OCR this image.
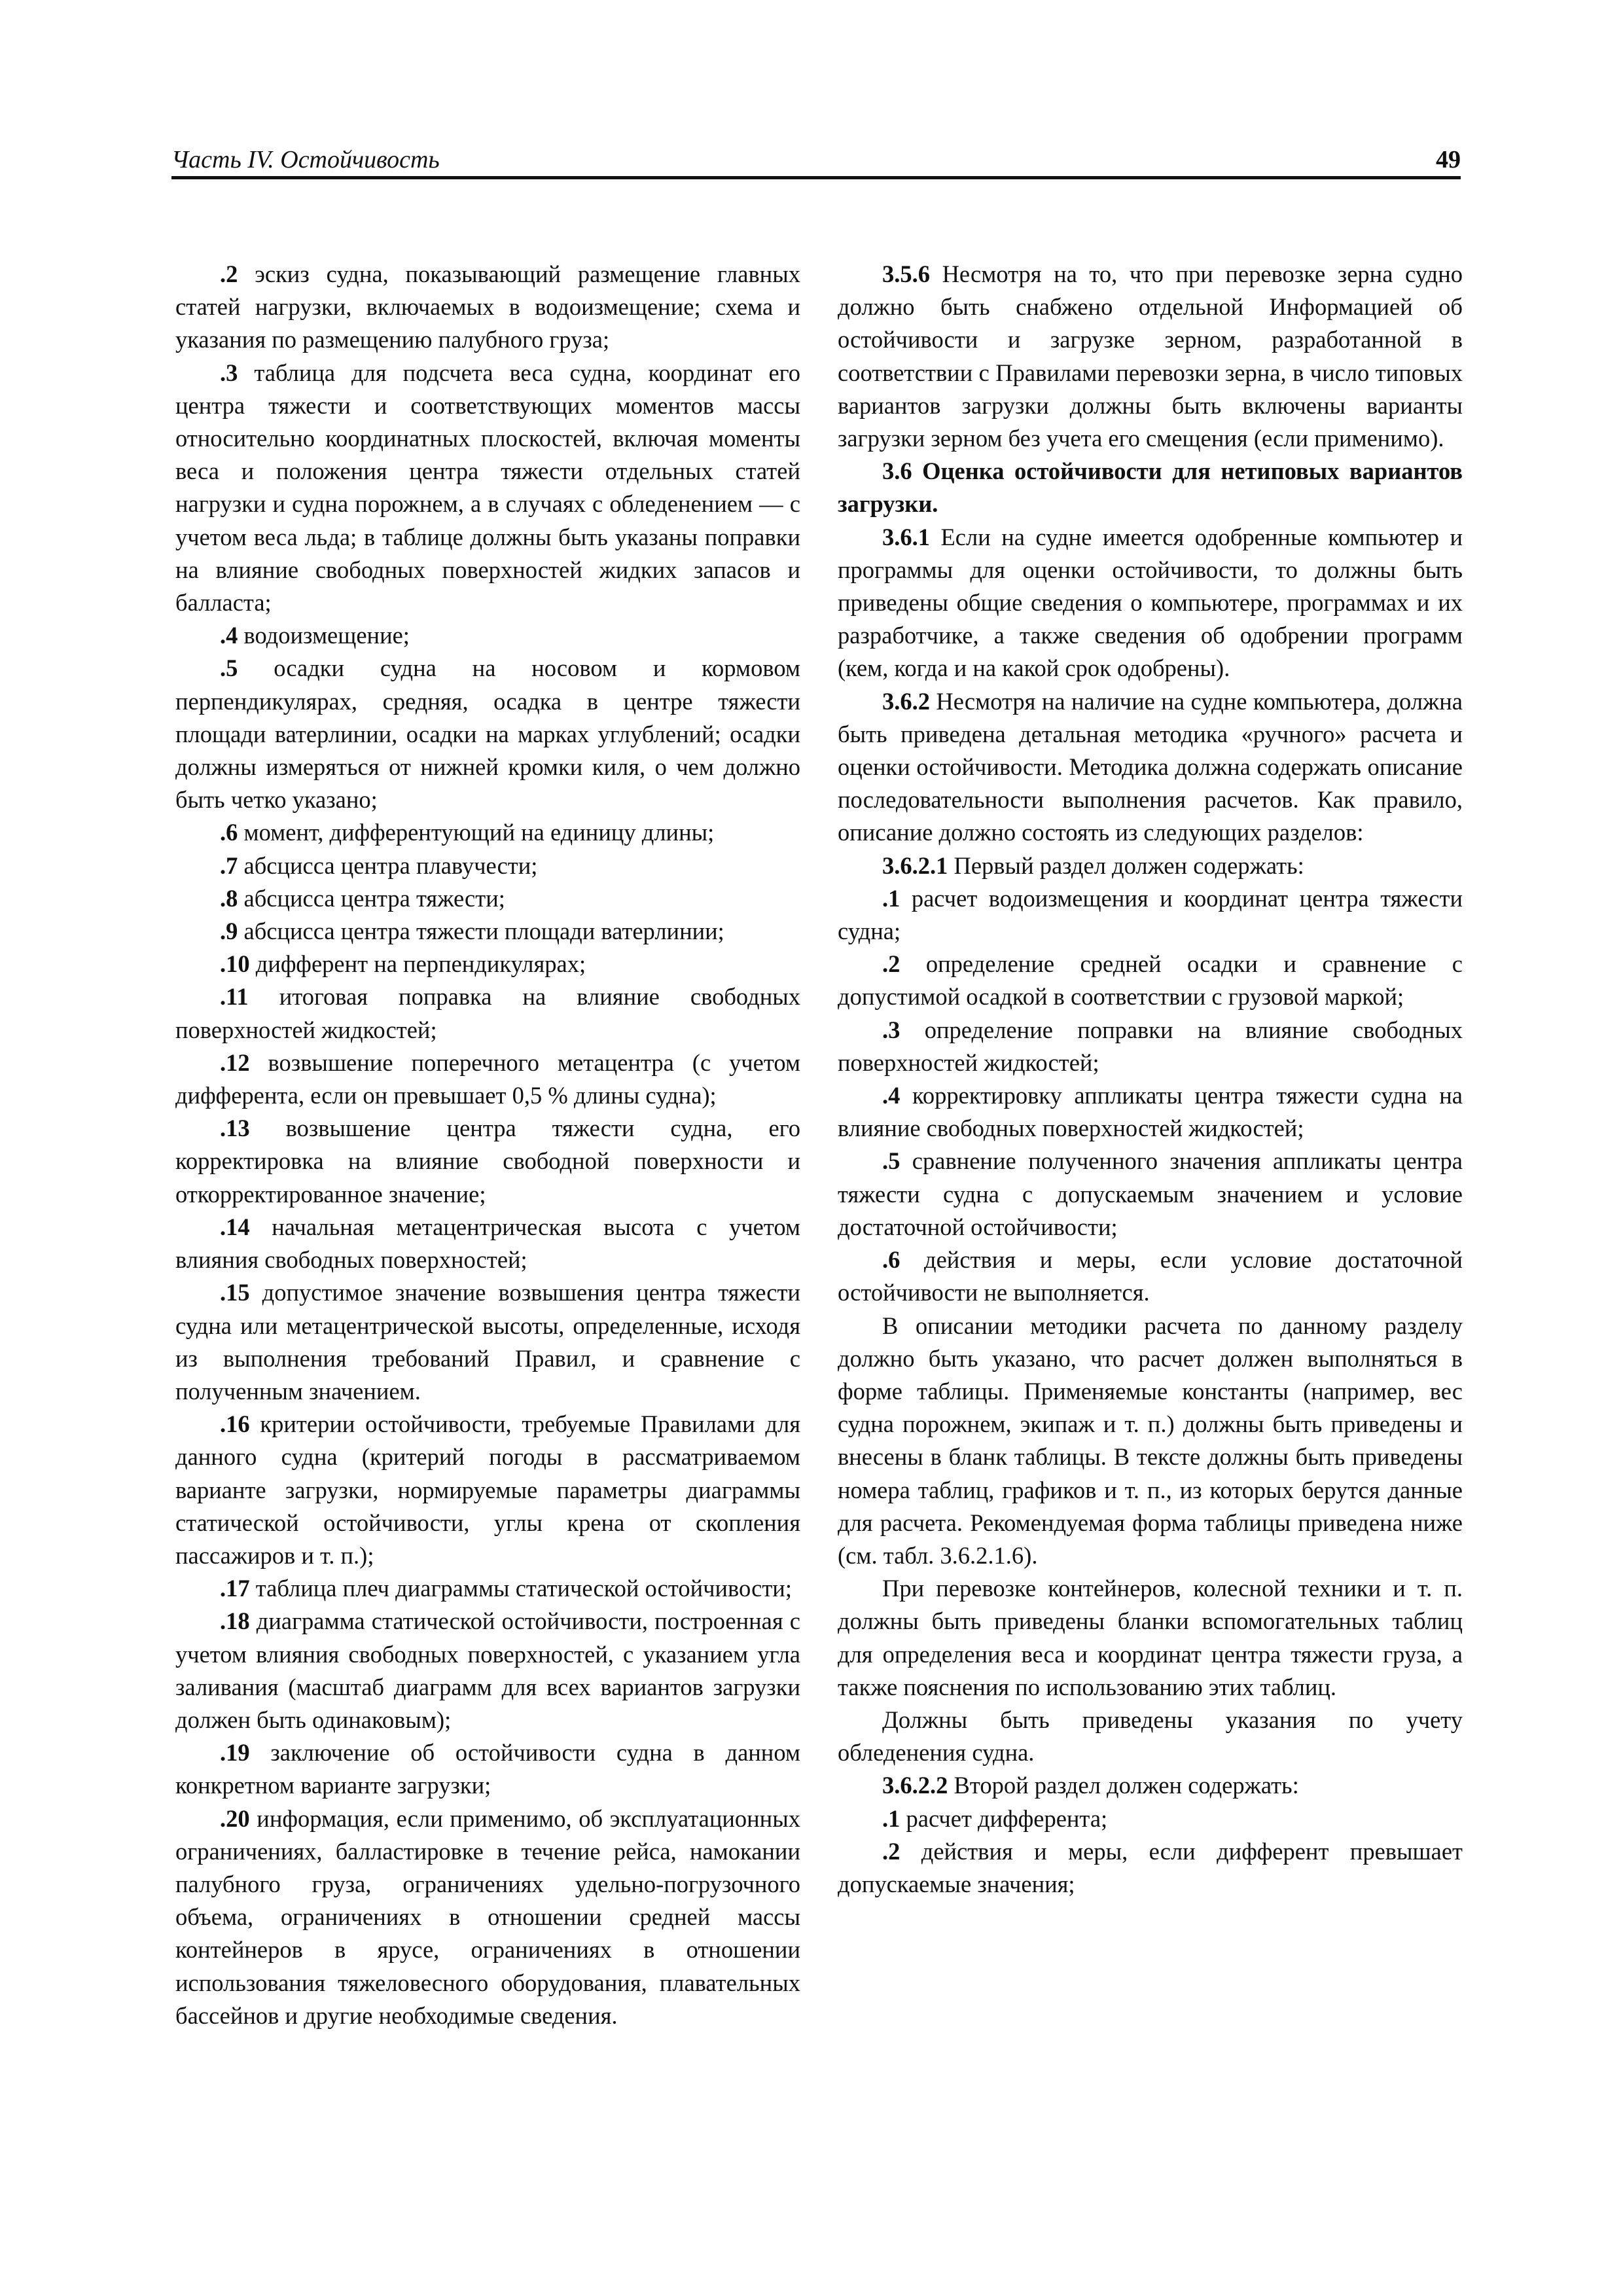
Часть IV. Остойчивость	49

.2 эскиз судна, показывающий размещение главных статей нагрузки, включаемых в водоизмещение; схема и указания по размещению палубного груза;

.3 таблица для подсчета веса судна, координат его центра тяжести и соответствующих моментов массы относительно координатных плоскостей, включая моменты веса и положения центра тяжести отдельных статей нагрузки и судна порожнем, а в случаях с обледенением — с учетом веса льда; в таблице должны быть указаны поправки на влияние свободных поверхностей жидких запасов и балласта;

.4 водоизмещение;

.5 осадки судна на носовом и кормовом перпендикулярах, средняя, осадка в центре тяжести площади ватерлинии, осадки на марках углублений; осадки должны измеряться от нижней кромки киля, о чем должно быть четко указано;

.6 момент, дифферентующий на единицу длины;

.7 абсцисса центра плавучести;

.8 абсцисса центра тяжести;

.9 абсцисса центра тяжести площади ватерлинии;

.10 дифферент на перпендикулярах;

.11 итоговая поправка на влияние свободных поверхностей жидкостей;

.12 возвышение поперечного метацентра (с учетом дифферента, если он превышает 0,5 % длины судна);

.13 возвышение центра тяжести судна, его корректировка на влияние свободной поверхности и откорректированное значение;

.14 начальная метацентрическая высота с учетом влияния свободных поверхностей;

.15 допустимое значение возвышения центра тяжести судна или метацентрической высоты, определенные, исходя из выполнения требований Правил, и сравнение с полученным значением.

.16 критерии остойчивости, требуемые Правилами для данного судна (критерий погоды в рассматриваемом варианте загрузки, нормируемые параметры диаграммы статической остойчивости, углы крена от скопления пассажиров и т. п.);

.17 таблица плеч диаграммы статической остойчивости;

.18 диаграмма статической остойчивости, построенная с учетом влияния свободных поверхностей, с указанием угла заливания (масштаб диаграмм для всех вариантов загрузки должен быть одинаковым);

.19 заключение об остойчивости судна в данном конкретном варианте загрузки;

.20 информация, если применимо, об эксплуатационных ограничениях, балластировке в течение рейса, намокании палубного груза, ограничениях удельно-погрузочного объема, ограничениях в отношении средней массы контейнеров в ярусе, ограничениях в отношении использования тяжеловесного оборудования, плавательных бассейнов и другие необходимые сведения.

3.5.6 Несмотря на то, что при перевозке зерна судно должно быть снабжено отдельной Информацией об остойчивости и загрузке зерном, разработанной в соответствии с Правилами перевозки зерна, в число типовых вариантов загрузки должны быть включены варианты загрузки зерном без учета его смещения (если применимо).

3.6 Оценка остойчивости для нетиповых вариантов загрузки.

3.6.1 Если на судне имеется одобренные компьютер и программы для оценки остойчивости, то должны быть приведены общие сведения о компьютере, программах и их разработчике, а также сведения об одобрении программ (кем, когда и на какой срок одобрены).

3.6.2 Несмотря на наличие на судне компьютера, должна быть приведена детальная методика «ручного» расчета и оценки остойчивости. Методика должна содержать описание последовательности выполнения расчетов. Как правило, описание должно состоять из следующих разделов:

3.6.2.1 Первый раздел должен содержать:

.1 расчет водоизмещения и координат центра тяжести судна;

.2 определение средней осадки и сравнение с допустимой осадкой в соответствии с грузовой маркой;

.3 определение поправки на влияние свободных поверхностей жидкостей;

.4 корректировку аппликаты центра тяжести судна на влияние свободных поверхностей жидкостей;

.5 сравнение полученного значения аппликаты центра тяжести судна с допускаемым значением и условие достаточной остойчивости;

.6 действия и меры, если условие достаточной остойчивости не выполняется.

В описании методики расчета по данному разделу должно быть указано, что расчет должен выполняться в форме таблицы. Применяемые константы (например, вес судна порожнем, экипаж и т. п.) должны быть приведены и внесены в бланк таблицы. В тексте должны быть приведены номера таблиц, графиков и т. п., из которых берутся данные для расчета. Рекомендуемая форма таблицы приведена ниже (см. табл. 3.6.2.1.6).

При перевозке контейнеров, колесной техники и т. п. должны быть приведены бланки вспомогательных таблиц для определения веса и координат центра тяжести груза, а также пояснения по использованию этих таблиц.

Должны быть приведены указания по учету обледенения судна.

3.6.2.2 Второй раздел должен содержать:

.1 расчет дифферента;

.2 действия и меры, если дифферент превышает допускаемые значения;
